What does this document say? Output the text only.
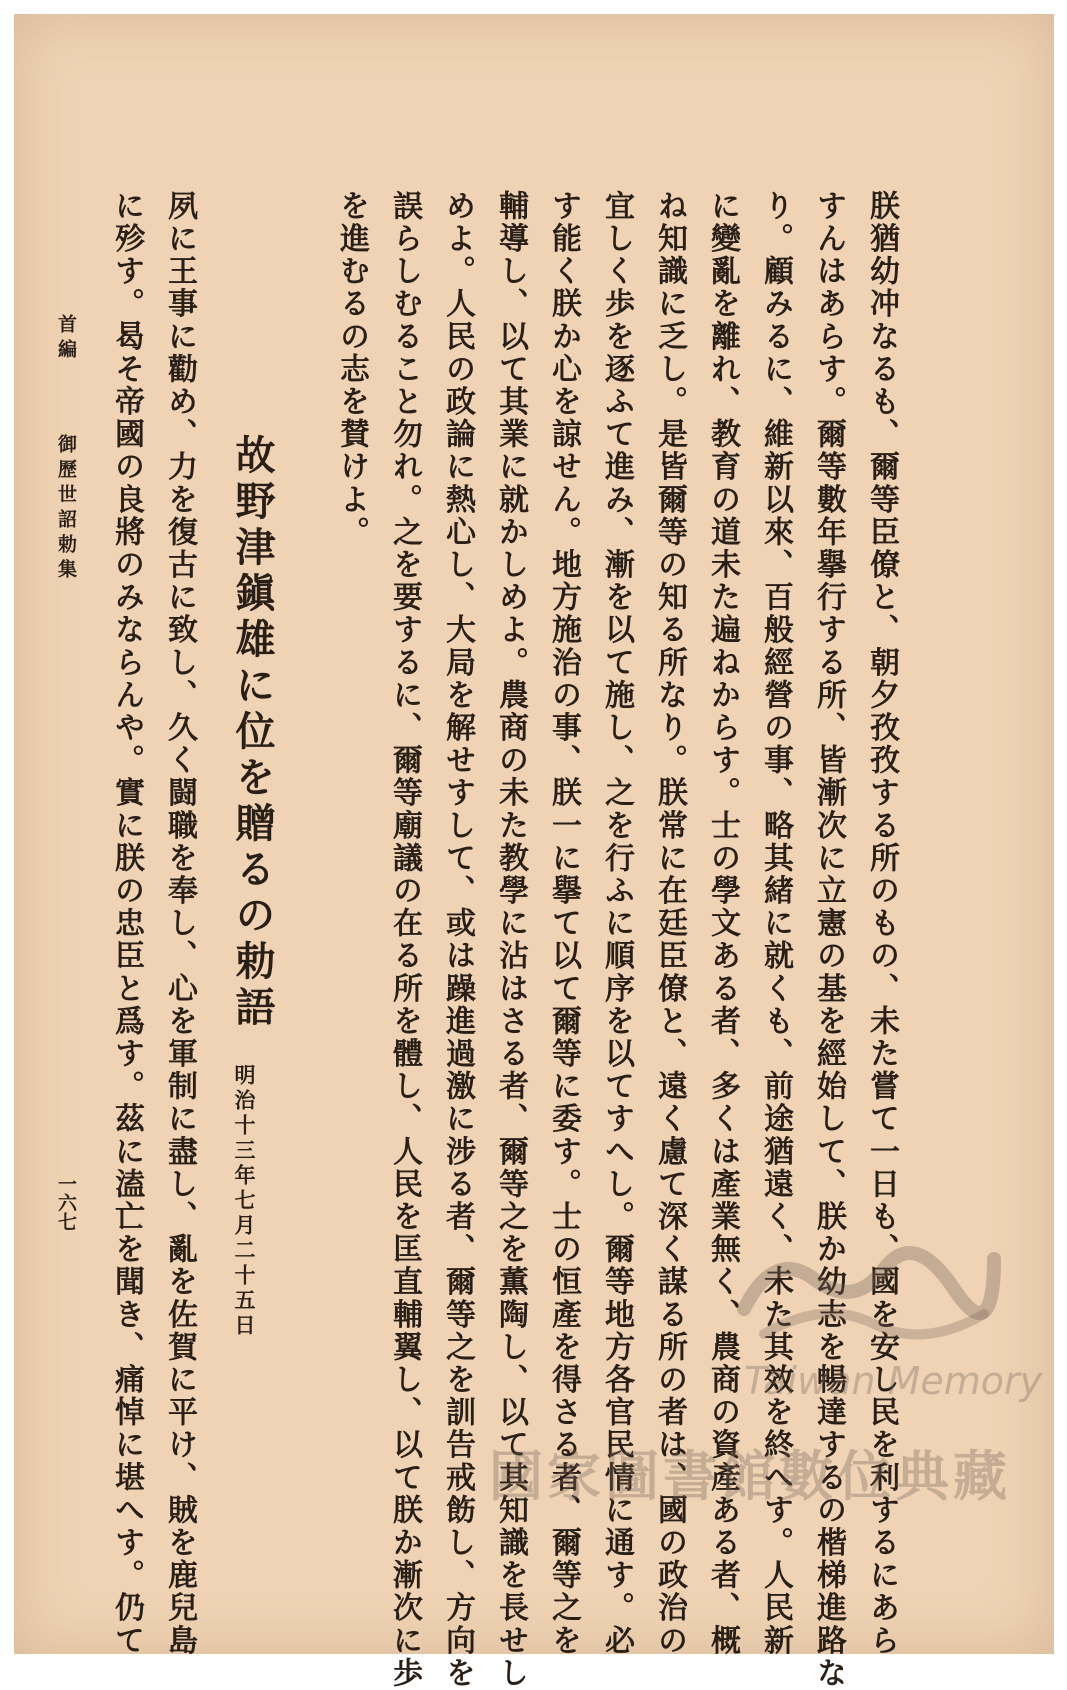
朕猶幼冲なるも、爾等臣僚と、朝夕孜孜する所のもの、未た嘗て一日も、國を安し民を利するにあら
すんはあらす。爾等數年擧行する所、皆漸次に立憲の基を經始して、朕か幼志を暢達するの楷梯進路な
り。顧みるに、維新以來、百般經營の事、略其緒に就くも、前途猶遠く、未た其效を終へす。人民新
に變亂を離れ、教育の道未た遍ねからす。士の學文ある者、多くは產業無く、農商の資產ある者、概
ね知識に乏し。是皆爾等の知る所なり。朕常に在廷臣僚と、遠く慮て深く謀る所の者は、國の政治の
宜しく歩を逐ふて進み、漸を以て施し、之を行ふに順序を以てすへし。爾等地方各官民情に通す。必
す能く朕か心を諒せん。地方施治の事、朕一に擧て以て爾等に委す。士の恒產を得さる者、爾等之を
輔導し、以て其業に就かしめよ。農商の未た教學に沾はさる者、爾等之を薫陶し、以て其知識を長せし
めよ。人民の政論に熱心し、大局を解せすして、或は躁進過激に涉る者、爾等之を訓告戒飭し、方向を
誤らしむること勿れ。之を要するに、爾等廟議の在る所を體し、人民を匡直輔翼し、以て朕か漸次に歩
を進むるの志を賛けよ。
故野津鎭雄に位を贈るの勅語
明治十三年七月二十五日
夙に王事に勸め、力を復古に致し、久く闘職を奉し、心を軍制に盡し、亂を佐賀に平け、賊を鹿兒島
に殄す。曷そ帝國の良將のみならんや。實に朕の忠臣と爲す。茲に溘亡を聞き、痛悼に堪へす。仍て
首編
御歷世詔勅集
一六七
Taiwan Memory
國家圖書館數位典藏
